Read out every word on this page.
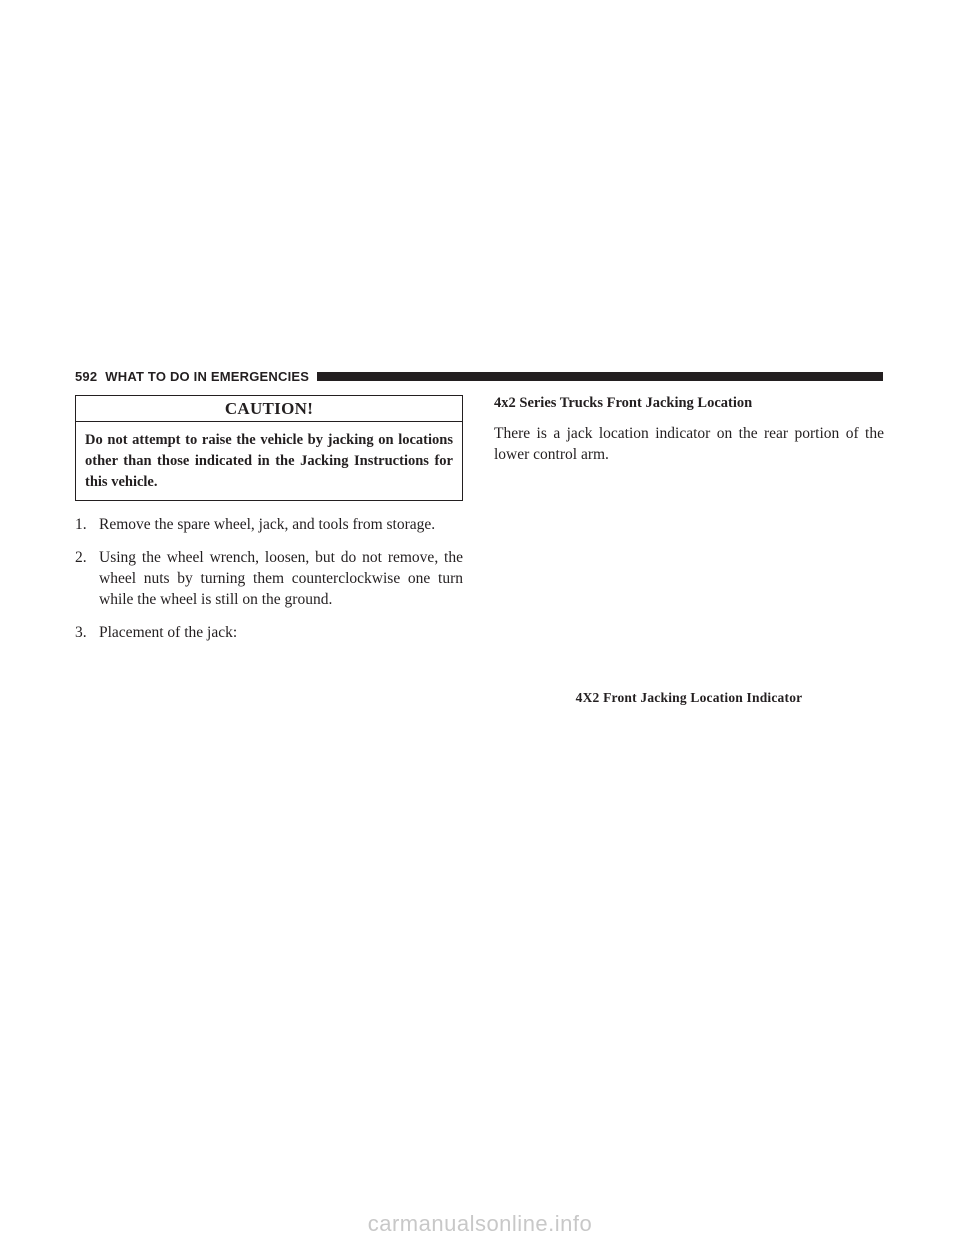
592 WHAT TO DO IN EMERGENCIES
CAUTION!
Do not attempt to raise the vehicle by jacking on locations other than those indicated in the Jacking Instructions for this vehicle.
1. Remove the spare wheel, jack, and tools from storage.
2. Using the wheel wrench, loosen, but do not remove, the wheel nuts by turning them counterclockwise one turn while the wheel is still on the ground.
3. Placement of the jack:

4x2 Series Trucks Front Jacking Location

There is a jack location indicator on the rear portion of the lower control arm.

4X2 Front Jacking Location Indicator
carmanualsonline.info
